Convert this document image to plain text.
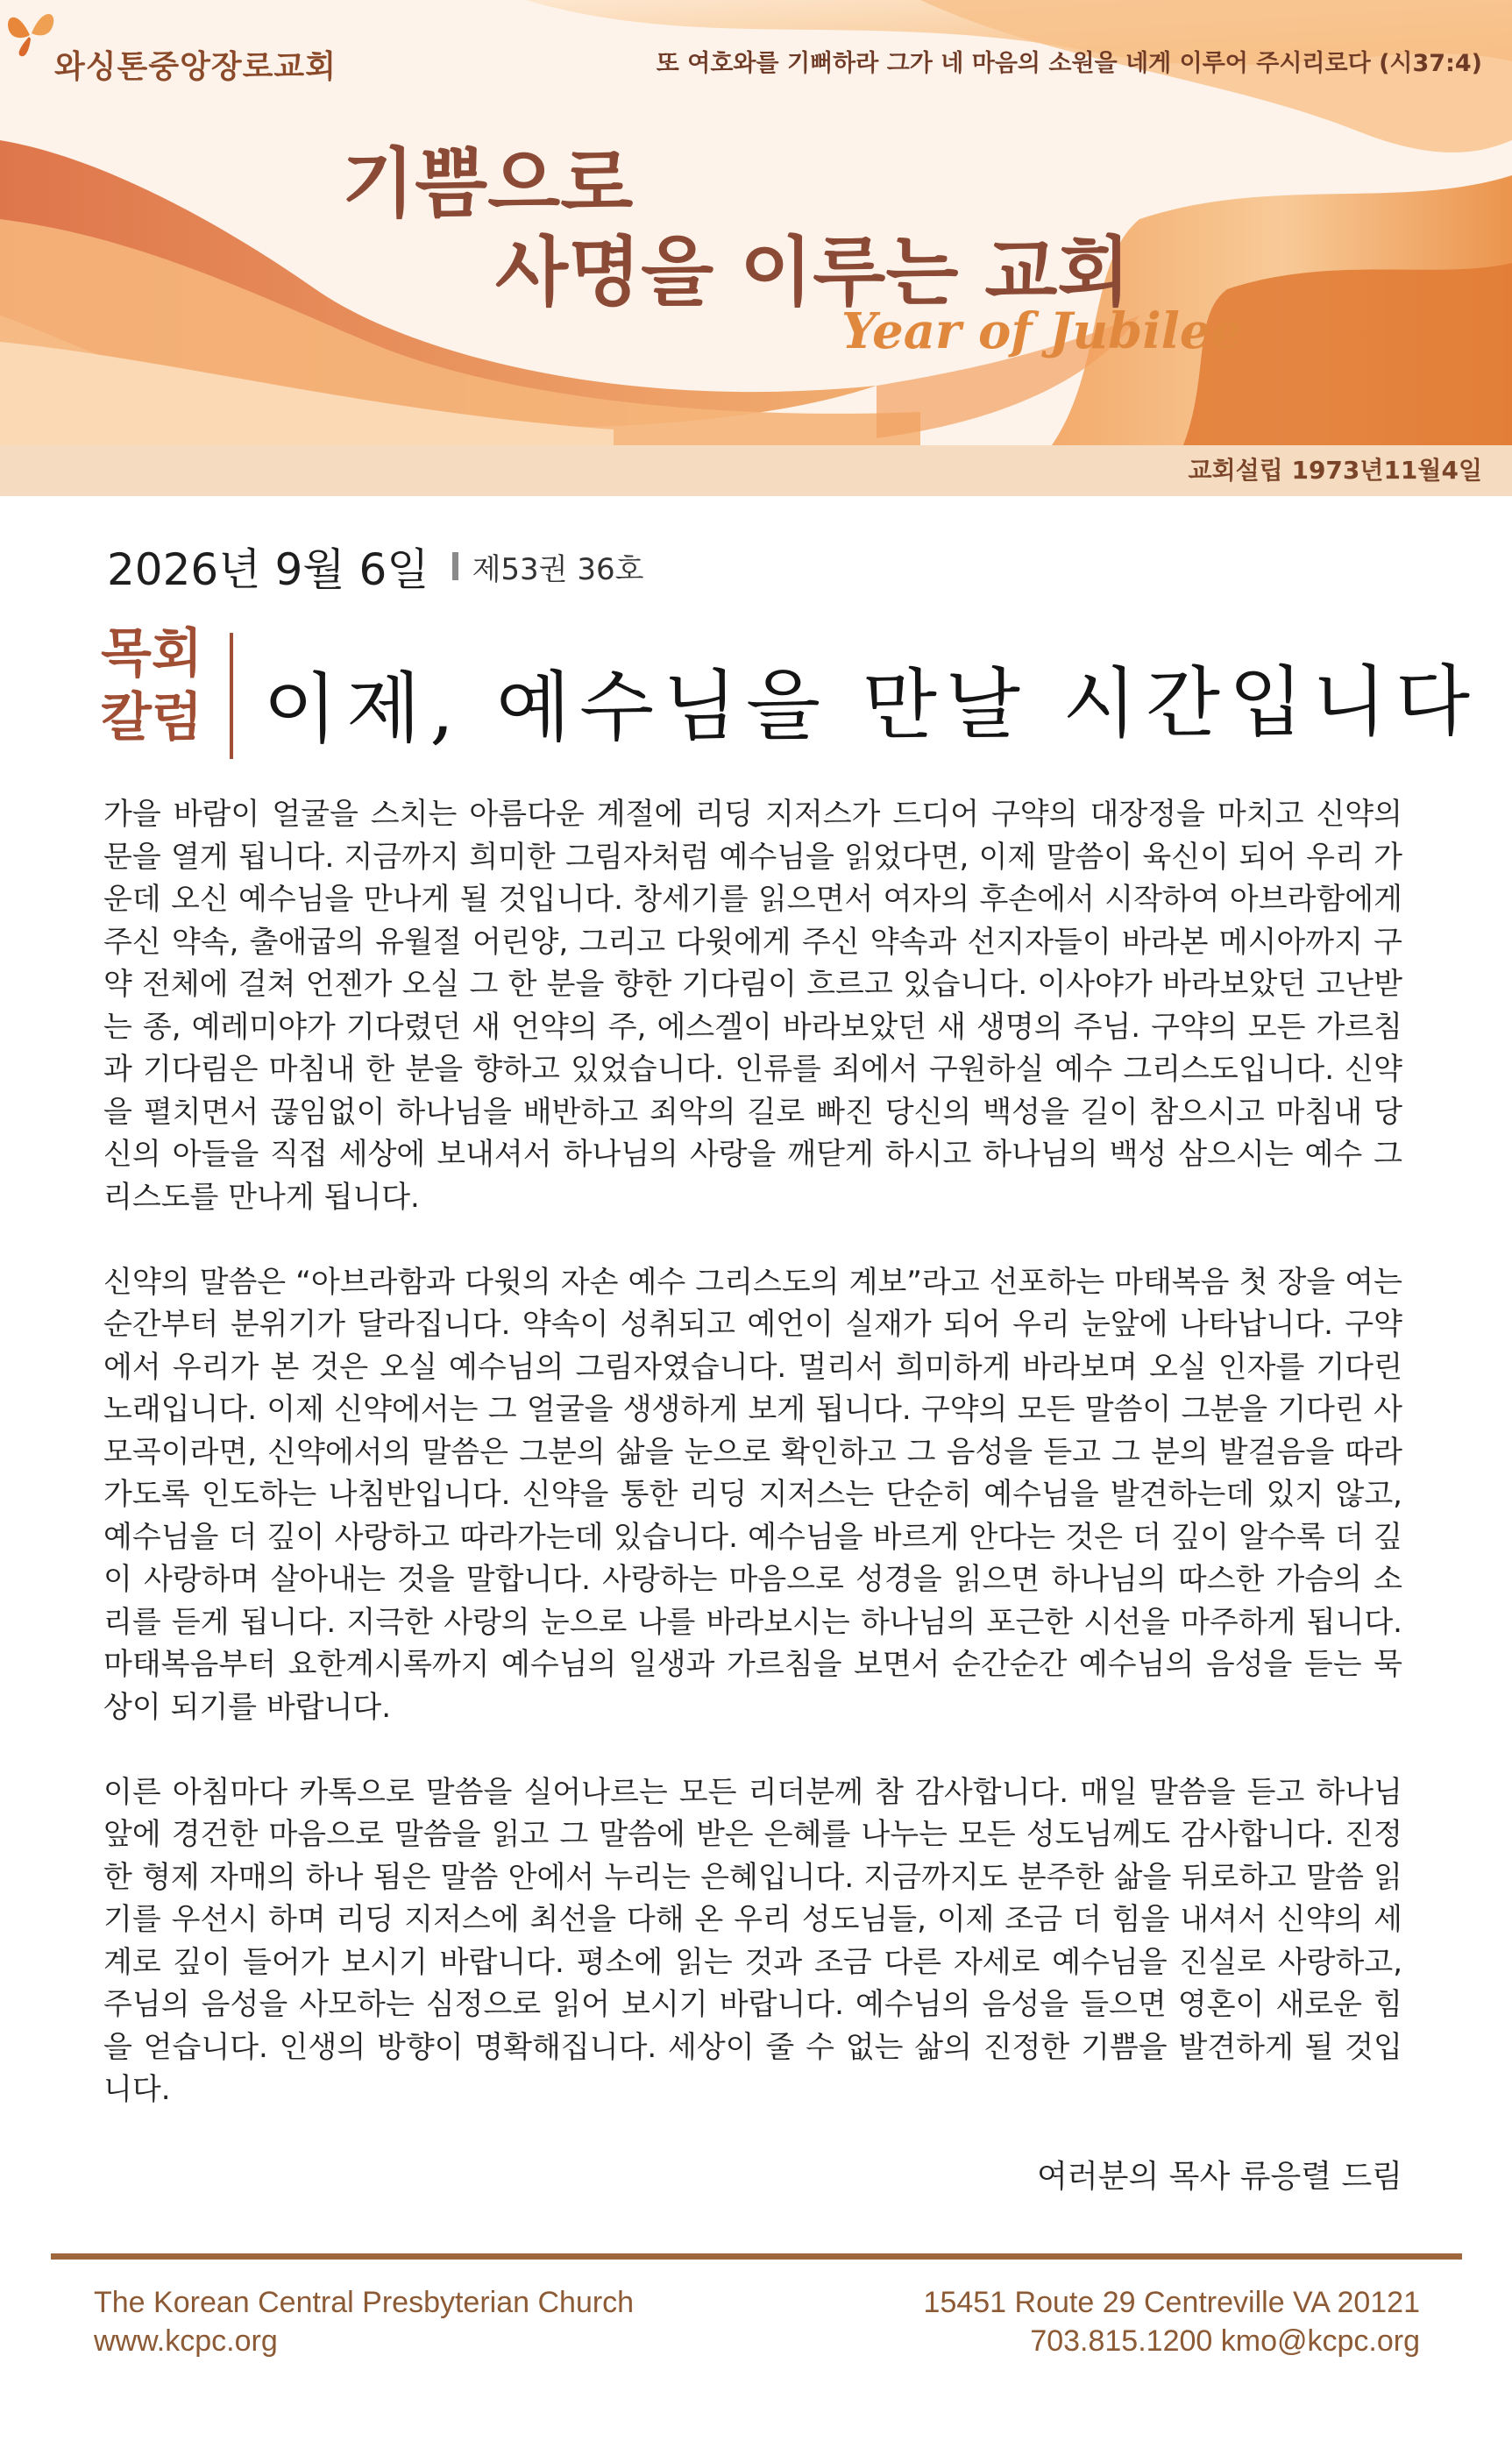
와싱톤중앙장로교회	또 여호와를 기뻐하라 그가 네 마음의 소원을 네게 이루어 주시리로다 (시37:4)
기쁨으로
사명을 이루는 교회
Year of Jubilee
교회설립 1973년11월4일
2026년 9월 6일 제53권 36호
목회
칼럼 이제, 예수님을 만날 시간입니다

가을 바람이 얼굴을 스치는 아름다운 계절에 리딩 지저스가 드디어 구약의 대장정을 마치고 신약의 문을 열게 됩니다. 지금까지 희미한 그림자처럼 예수님을 읽었다면, 이제 말씀이 육신이 되어 우리 가운데 오신 예수님을 만나게 될 것입니다. 창세기를 읽으면서 여자의 후손에서 시작하여 아브라함에게 주신 약속, 출애굽의 유월절 어린양, 그리고 다윗에게 주신 약속과 선지자들이 바라본 메시아까지 구약 전체에 걸쳐 언젠가 오실 그 한 분을 향한 기다림이 흐르고 있습니다. 이사야가 바라보았던 고난받는 종, 예레미야가 기다렸던 새 언약의 주, 에스겔이 바라보았던 새 생명의 주님. 구약의 모든 가르침과 기다림은 마침내 한 분을 향하고 있었습니다. 인류를 죄에서 구원하실 예수 그리스도입니다. 신약을 펼치면서 끊임없이 하나님을 배반하고 죄악의 길로 빠진 당신의 백성을 길이 참으시고 마침내 당신의 아들을 직접 세상에 보내셔서 하나님의 사랑을 깨닫게 하시고 하나님의 백성 삼으시는 예수 그리스도를 만나게 됩니다.

신약의 말씀은 “아브라함과 다윗의 자손 예수 그리스도의 계보”라고 선포하는 마태복음 첫 장을 여는 순간부터 분위기가 달라집니다. 약속이 성취되고 예언이 실재가 되어 우리 눈앞에 나타납니다. 구약에서 우리가 본 것은 오실 예수님의 그림자였습니다. 멀리서 희미하게 바라보며 오실 인자를 기다린 노래입니다. 이제 신약에서는 그 얼굴을 생생하게 보게 됩니다. 구약의 모든 말씀이 그분을 기다린 사모곡이라면, 신약에서의 말씀은 그분의 삶을 눈으로 확인하고 그 음성을 듣고 그 분의 발걸음을 따라가도록 인도하는 나침반입니다. 신약을 통한 리딩 지저스는 단순히 예수님을 발견하는데 있지 않고, 예수님을 더 깊이 사랑하고 따라가는데 있습니다. 예수님을 바르게 안다는 것은 더 깊이 알수록 더 깊이 사랑하며 살아내는 것을 말합니다. 사랑하는 마음으로 성경을 읽으면 하나님의 따스한 가슴의 소리를 듣게 됩니다. 지극한 사랑의 눈으로 나를 바라보시는 하나님의 포근한 시선을 마주하게 됩니다. 마태복음부터 요한계시록까지 예수님의 일생과 가르침을 보면서 순간순간 예수님의 음성을 듣는 묵상이 되기를 바랍니다.

이른 아침마다 카톡으로 말씀을 실어나르는 모든 리더분께 참 감사합니다. 매일 말씀을 듣고 하나님 앞에 경건한 마음으로 말씀을 읽고 그 말씀에 받은 은혜를 나누는 모든 성도님께도 감사합니다. 진정한 형제 자매의 하나 됨은 말씀 안에서 누리는 은혜입니다. 지금까지도 분주한 삶을 뒤로하고 말씀 읽기를 우선시 하며 리딩 지저스에 최선을 다해 온 우리 성도님들, 이제 조금 더 힘을 내셔서 신약의 세계로 깊이 들어가 보시기 바랍니다. 평소에 읽는 것과 조금 다른 자세로 예수님을 진실로 사랑하고, 주님의 음성을 사모하는 심정으로 읽어 보시기 바랍니다. 예수님의 음성을 들으면 영혼이 새로운 힘을 얻습니다. 인생의 방향이 명확해집니다. 세상이 줄 수 없는 삶의 진정한 기쁨을 발견하게 될 것입니다.

여러분의 목사 류응렬 드림
The Korean Central Presbyterian Church
www.kcpc.org
15451 Route 29 Centreville VA 20121
703.815.1200 kmo@kcpc.org
